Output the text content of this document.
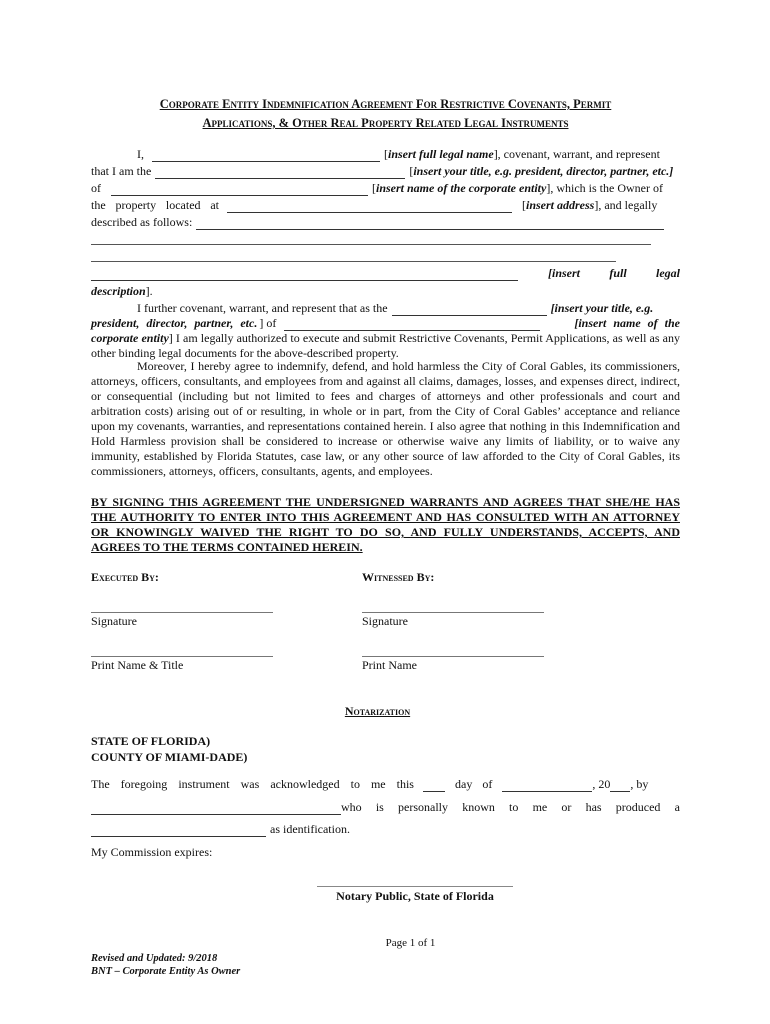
Corporate Entity Indemnification Agreement For Restrictive Covenants, Permit
Applications, & Other Real Property Related Legal Instruments
I,	[ insert full legal name ], covenant, warrant, and represent
that I am the	[ insert your title, e.g. president, director, partner, etc.]
of	[ insert name of the corporate entity ], which is the Owner of
the property located at	[ insert address ], and legally
described as follows:
[insert full legal
description].
I further covenant, warrant, and represent that as the	[insert your title, e.g.
president, director, partner, etc. ] of	[insert name of the
corporate entity] I am legally authorized to execute and submit Restrictive Covenants, Permit Applications, as well as any other binding legal documents for the above-described property.
Moreover, I hereby agree to indemnify, defend, and hold harmless the City of Coral Gables, its commissioners, attorneys, officers, consultants, and employees from and against all claims, damages, losses, and expenses direct, indirect, or consequential (including but not limited to fees and charges of attorneys and other professionals and court and arbitration costs) arising out of or resulting, in whole or in part, from the City of Coral Gables’ acceptance and reliance upon my covenants, warranties, and representations contained herein. I also agree that nothing in this Indemnification and Hold Harmless provision shall be considered to increase or otherwise waive any limits of liability, or to waive any immunity, established by Florida Statutes, case law, or any other source of law afforded to the City of Coral Gables, its commissioners, attorneys, officers, consultants, agents, and employees.
BY SIGNING THIS AGREEMENT THE UNDERSIGNED WARRANTS AND AGREES THAT SHE/HE HAS THE AUTHORITY TO ENTER INTO THIS AGREEMENT AND HAS CONSULTED WITH AN ATTORNEY OR KNOWINGLY WAIVED THE RIGHT TO DO SO, AND FULLY UNDERSTANDS, ACCEPTS, AND AGREES TO THE TERMS CONTAINED HEREIN.
Executed By:	Witnessed By:
Signature	Signature
Print Name & Title	Print Name
Notarization
STATE OF FLORIDA)
COUNTY OF MIAMI-DADE)
The foregoing instrument was acknowledged to me this	day of	, 20 , by
who is personally known to me or has produced a
as identification.
My Commission expires:
Notary Public, State of Florida
Page 1 of 1
Revised and Updated: 9/2018
BNT – Corporate Entity As Owner
